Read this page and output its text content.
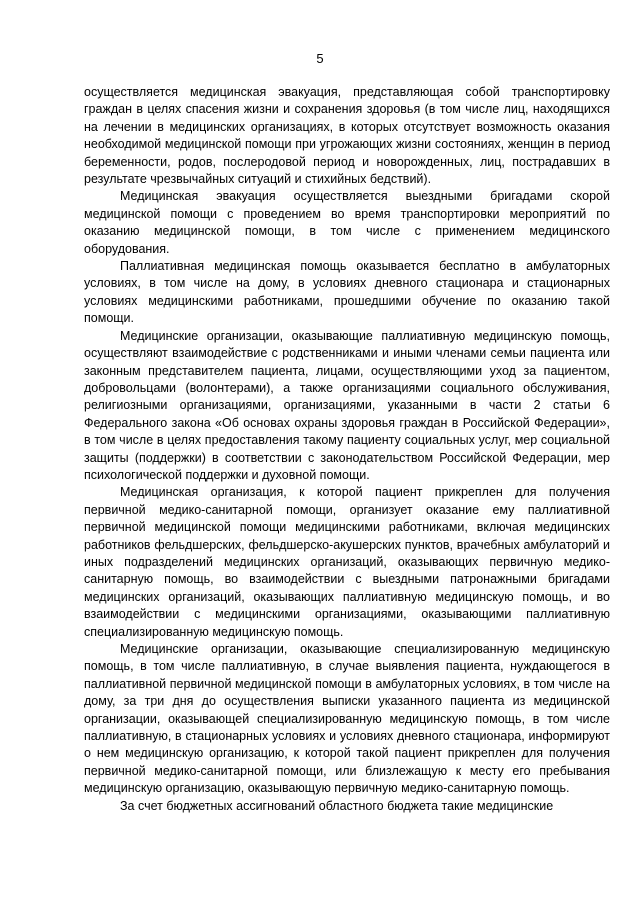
5

осуществляется медицинская эвакуация, представляющая собой транспортировку граждан в целях спасения жизни и сохранения здоровья (в том числе лиц, находящихся на лечении в медицинских организациях, в которых отсутствует возможность оказания необходимой медицинской помощи при угрожающих жизни состояниях, женщин в период беременности, родов, послеродовой период и новорожденных, лиц, пострадавших в результате чрезвычайных ситуаций и стихийных бедствий).

Медицинская эвакуация осуществляется выездными бригадами скорой медицинской помощи с проведением во время транспортировки мероприятий по оказанию медицинской помощи, в том числе с применением медицинского оборудования.

Паллиативная медицинская помощь оказывается бесплатно в амбулаторных условиях, в том числе на дому, в условиях дневного стационара и стационарных условиях медицинскими работниками, прошедшими обучение по оказанию такой помощи.

Медицинские организации, оказывающие паллиативную медицинскую помощь, осуществляют взаимодействие с родственниками и иными членами семьи пациента или законным представителем пациента, лицами, осуществляющими уход за пациентом, добровольцами (волонтерами), а также организациями социального обслуживания, религиозными организациями, организациями, указанными в части 2 статьи 6 Федерального закона «Об основах охраны здоровья граждан в Российской Федерации», в том числе в целях предоставления такому пациенту социальных услуг, мер социальной защиты (поддержки) в соответствии с законодательством Российской Федерации, мер психологической поддержки и духовной помощи.

Медицинская организация, к которой пациент прикреплен для получения первичной медико-санитарной помощи, организует оказание ему паллиативной первичной медицинской помощи медицинскими работниками, включая медицинских работников фельдшерских, фельдшерско-акушерских пунктов, врачебных амбулаторий и иных подразделений медицинских организаций, оказывающих первичную медико-санитарную помощь, во взаимодействии с выездными патронажными бригадами медицинских организаций, оказывающих паллиативную медицинскую помощь, и во взаимодействии с медицинскими организациями, оказывающими паллиативную специализированную медицинскую помощь.

Медицинские организации, оказывающие специализированную медицинскую помощь, в том числе паллиативную, в случае выявления пациента, нуждающегося в паллиативной первичной медицинской помощи в амбулаторных условиях, в том числе на дому, за три дня до осуществления выписки указанного пациента из медицинской организации, оказывающей специализированную медицинскую помощь, в том числе паллиативную, в стационарных условиях и условиях дневного стационара, информируют о нем медицинскую организацию, к которой такой пациент прикреплен для получения первичной медико-санитарной помощи, или близлежащую к месту его пребывания медицинскую организацию, оказывающую первичную медико-санитарную помощь.

За счет бюджетных ассигнований областного бюджета такие медицинские
